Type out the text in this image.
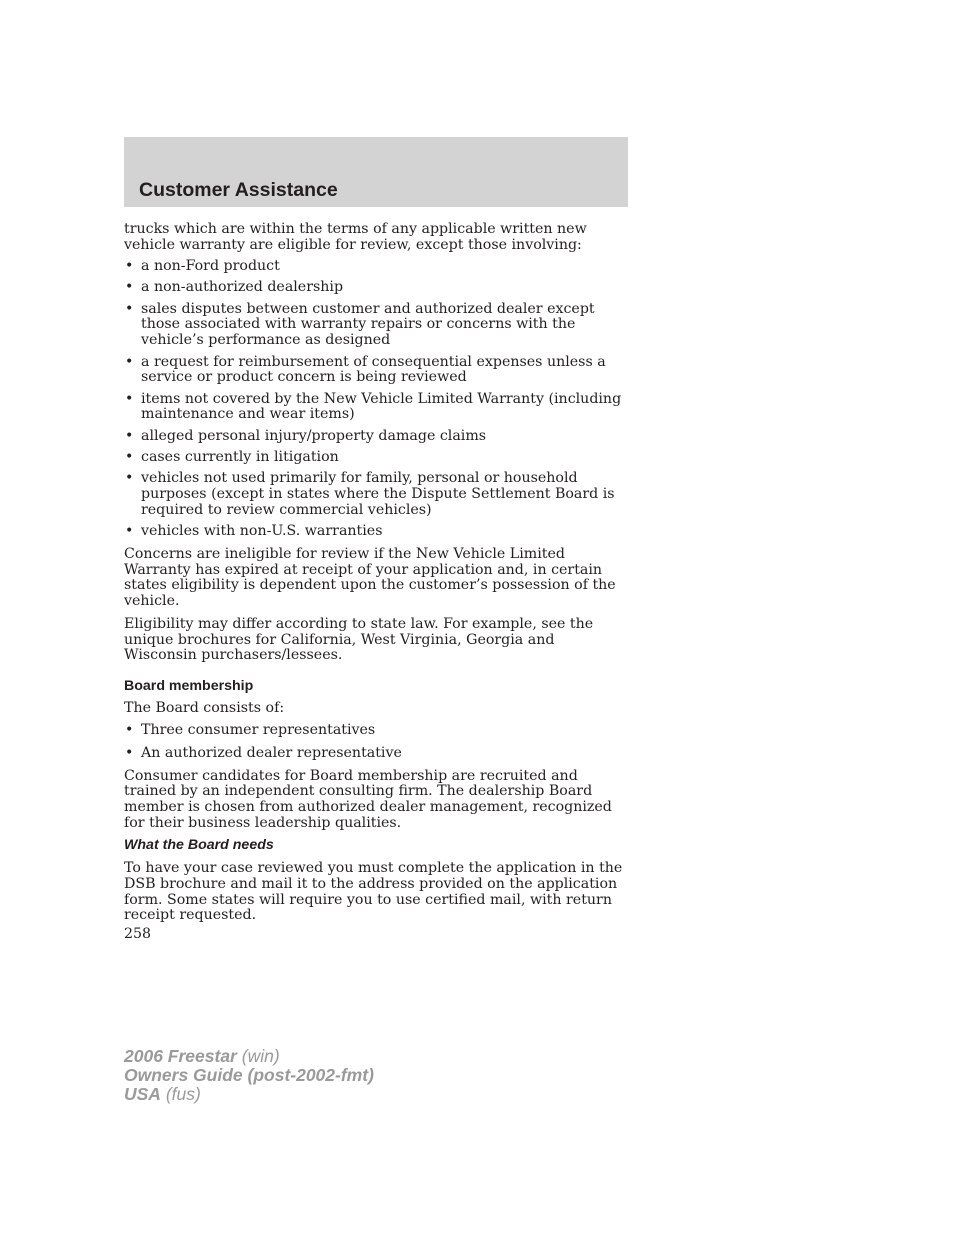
Customer Assistance

trucks which are within the terms of any applicable written new vehicle warranty are eligible for review, except those involving:

• a non-Ford product
• a non-authorized dealership
• sales disputes between customer and authorized dealer except those associated with warranty repairs or concerns with the vehicle’s performance as designed
• a request for reimbursement of consequential expenses unless a service or product concern is being reviewed
• items not covered by the New Vehicle Limited Warranty (including maintenance and wear items)
• alleged personal injury/property damage claims
• cases currently in litigation
• vehicles not used primarily for family, personal or household purposes (except in states where the Dispute Settlement Board is required to review commercial vehicles)
• vehicles with non-U.S. warranties

Concerns are ineligible for review if the New Vehicle Limited Warranty has expired at receipt of your application and, in certain states eligibility is dependent upon the customer’s possession of the vehicle.

Eligibility may differ according to state law. For example, see the unique brochures for California, West Virginia, Georgia and Wisconsin purchasers/lessees.

Board membership

The Board consists of:

• Three consumer representatives
• An authorized dealer representative

Consumer candidates for Board membership are recruited and trained by an independent consulting firm. The dealership Board member is chosen from authorized dealer management, recognized for their business leadership qualities.

What the Board needs

To have your case reviewed you must complete the application in the DSB brochure and mail it to the address provided on the application form. Some states will require you to use certified mail, with return receipt requested.

258
2006 Freestar (win)
Owners Guide (post-2002-fmt)
USA (fus)
